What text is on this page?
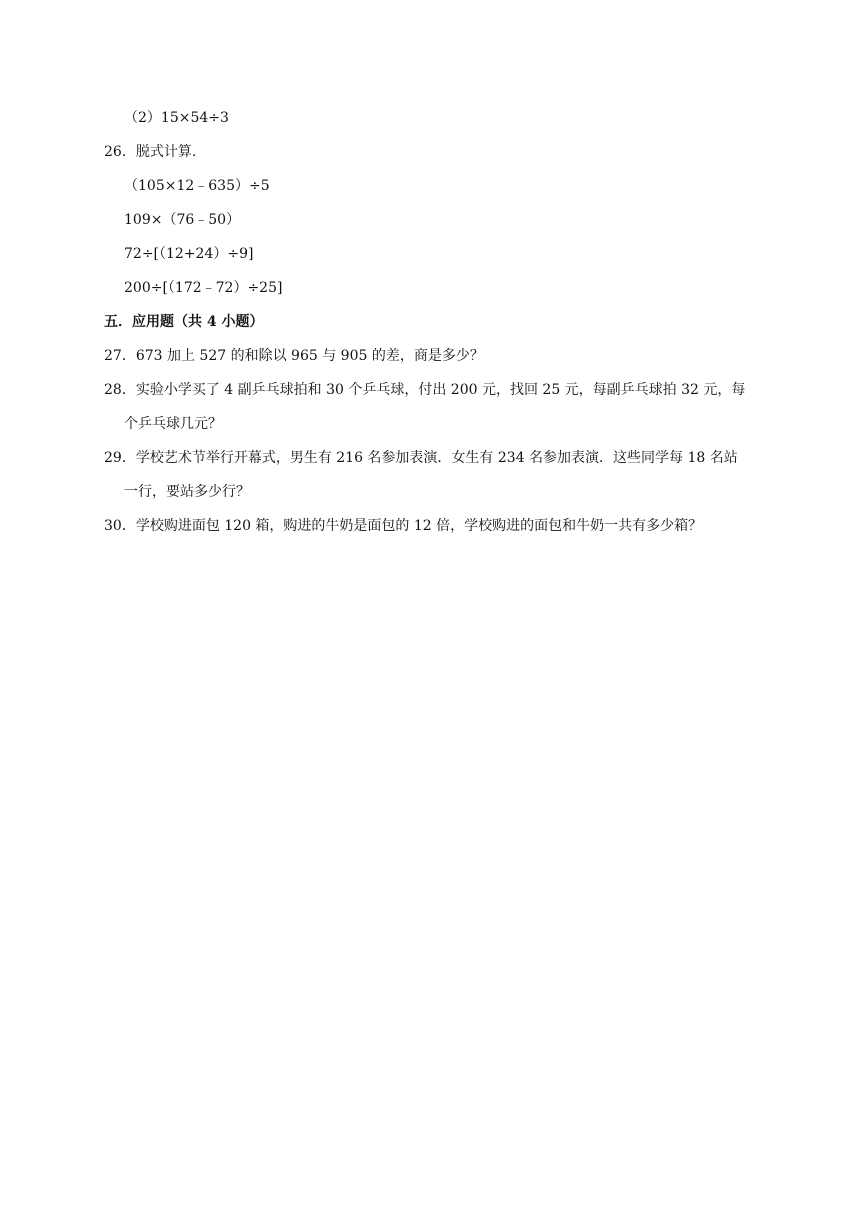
（2）15×54÷3
26．脱式计算.
（105×12﹣635）÷5
109×（76﹣50）
72÷[（12+24）÷9]
200÷[（172﹣72）÷25]
五．应用题（共 4 小题）
27．673 加上 527 的和除以 965 与 905 的差，商是多少？
28．实验小学买了 4 副乒乓球拍和 30 个乒乓球，付出 200 元，找回 25 元，每副乒乓球拍 32 元，每
个乒乓球几元？
29．学校艺术节举行开幕式，男生有 216 名参加表演．女生有 234 名参加表演．这些同学每 18 名站
一行，要站多少行？
30．学校购进面包 120 箱，购进的牛奶是面包的 12 倍，学校购进的面包和牛奶一共有多少箱？
